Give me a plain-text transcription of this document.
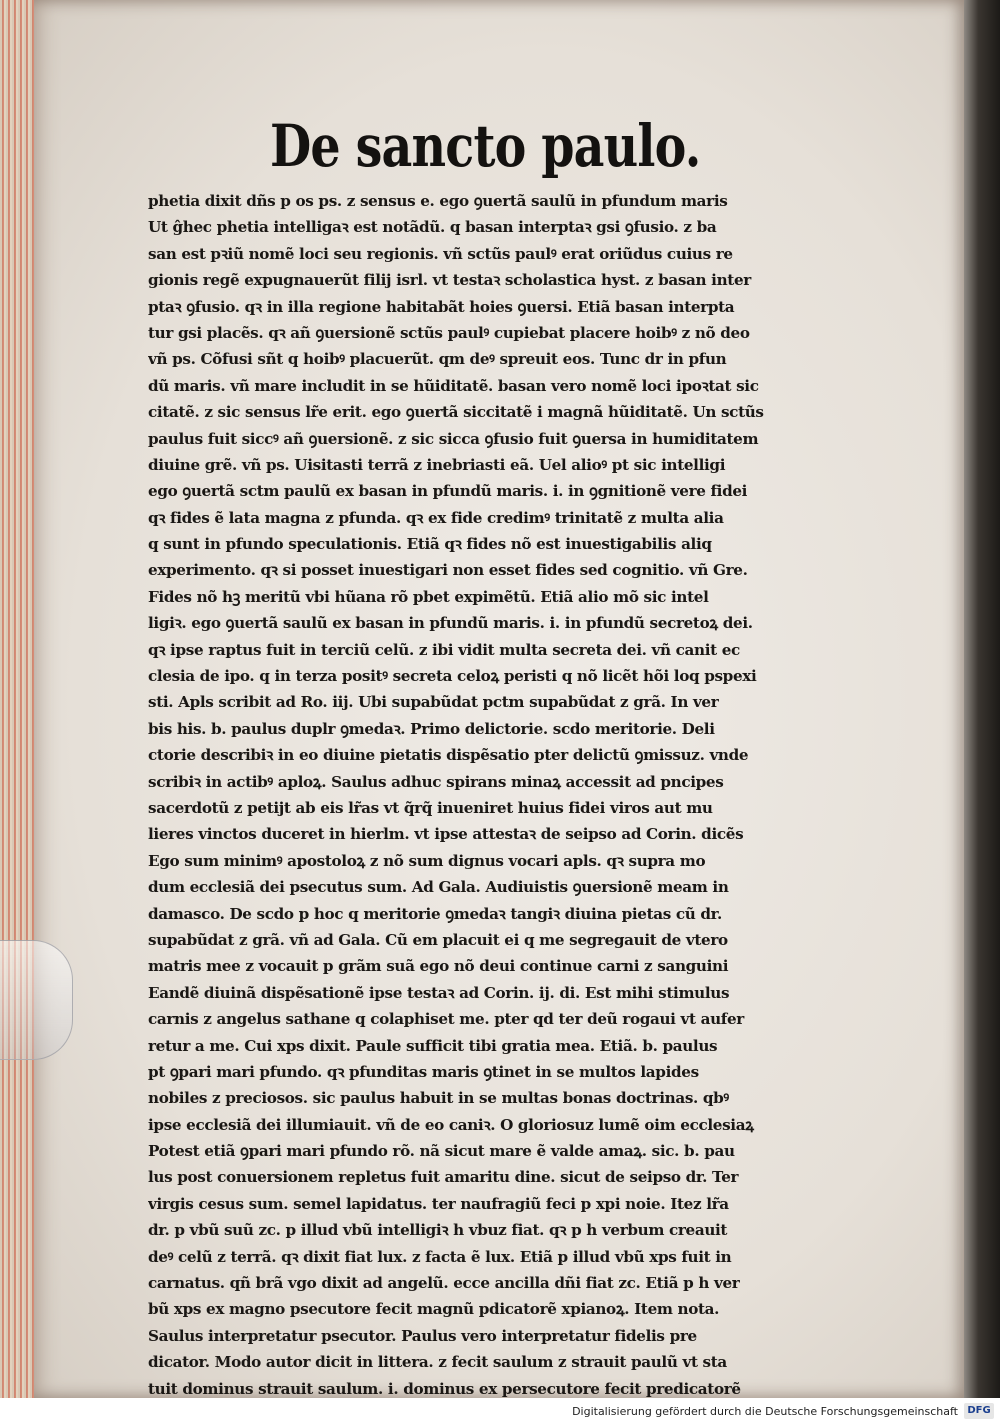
De sancto paulo.
phetia dixit dñs p os ps. z sensus e. ego ꝯuertã saulũ in pfundum maris
Ut ĝhec phetia intelligaꝛ est notãdũ. q basan interptaꝛ gsi ꝯfusio. z ba
san est pꝛiũ nomẽ loci seu regionis. vñ sctũs paulꝰ erat oriũdus cuius re
gionis regẽ expugnauerũt filij isrl. vt testaꝛ scholastica hyst. z basan inter
ptaꝛ ꝯfusio. qꝛ in illa regione habitabãt hoies ꝯuersi. Etiã basan interpta
tur gsi placẽs. qꝛ añ ꝯuersionẽ sctũs paulꝰ cupiebat placere hoibꝰ z nõ deo
vñ ps. Cõfusi sñt q hoibꝰ placuerũt. qm deꝰ spreuit eos. Tunc dr in pfun
dũ maris. vñ mare includit in se hũiditatẽ. basan vero nomẽ loci ipoꝛtat sic
citatẽ. z sic sensus lr̃e erit. ego ꝯuertã siccitatẽ i magnã hũiditatẽ. Un sctũs
paulus fuit siccꝰ añ ꝯuersionẽ. z sic sicca ꝯfusio fuit ꝯuersa in humiditatem
diuine grẽ. vñ ps. Uisitasti terrã z inebriasti eã. Uel alioꝰ pt sic intelligi
ego ꝯuertã sctm paulũ ex basan in pfundũ maris. i. in ꝯgnitionẽ vere fidei
qꝛ fides ẽ lata magna z pfunda. qꝛ ex fide credimꝰ trinitatẽ z multa alia
q sunt in pfundo speculationis. Etiã qꝛ fides nõ est inuestigabilis aliq
experimento. qꝛ si posset inuestigari non esset fides sed cognitio. vñ Gre.
Fides nõ hꝫ meritũ vbi hũana rõ pbet expimẽtũ. Etiã alio mõ sic intel
ligiꝛ. ego ꝯuertã saulũ ex basan in pfundũ maris. i. in pfundũ secretoꝝ dei.
qꝛ ipse raptus fuit in terciũ celũ. z ibi vidit multa secreta dei. vñ canit ec
clesia de ipo. q in terza positꝰ secreta celoꝝ peristi q nõ licẽt hõi loq pspexi
sti. Apls scribit ad Ro. iij. Ubi supabũdat pctm supabũdat z grã. In ver
bis his. b. paulus duplr ꝯmedaꝛ. Primo delictorie. scdo meritorie. Deli
ctorie describiꝛ in eo diuine pietatis dispẽsatio pter delictũ ꝯmissuz. vnde
scribiꝛ in actibꝰ aploꝝ. Saulus adhuc spirans minaꝝ accessit ad pncipes
sacerdotũ z petijt ab eis lr̃as vt q̃rq̃ inueniret huius fidei viros aut mu
lieres vinctos duceret in hierlm. vt ipse attestaꝛ de seipso ad Corin. dicẽs
Ego sum minimꝰ apostoloꝝ z nõ sum dignus vocari apls. qꝛ supra mo
dum ecclesiã dei psecutus sum. Ad Gala. Audiuistis ꝯuersionẽ meam in
damasco. De scdo p hoc q meritorie ꝯmedaꝛ tangiꝛ diuina pietas cũ dr.
supabũdat z grã. vñ ad Gala. Cũ em placuit ei q me segregauit de vtero
matris mee z vocauit p grãm suã ego nõ deui continue carni z sanguini
Eandẽ diuinã dispẽsationẽ ipse testaꝛ ad Corin. ij. di. Est mihi stimulus
carnis z angelus sathane q colaphiset me. pter qd ter deũ rogaui vt aufer
retur a me. Cui xps dixit. Paule sufficit tibi gratia mea. Etiã. b. paulus
pt ꝯpari mari pfundo. qꝛ pfunditas maris ꝯtinet in se multos lapides
nobiles z preciosos. sic paulus habuit in se multas bonas doctrinas. qbꝰ
ipse ecclesiã dei illumiauit. vñ de eo caniꝛ. O gloriosuz lumẽ oim ecclesiaꝝ
Potest etiã ꝯpari mari pfundo rõ. nã sicut mare ẽ valde amaꝝ. sic. b. pau
lus post conuersionem repletus fuit amaritu dine. sicut de seipso dr. Ter
virgis cesus sum. semel lapidatus. ter naufragiũ feci p xpi noie. Itez lr̃a
dr. p vbũ suũ zc. p illud vbũ intelligiꝛ h vbuz fiat. qꝛ p h verbum creauit
deꝰ celũ z terrã. qꝛ dixit fiat lux. z facta ẽ lux. Etiã p illud vbũ xps fuit in
carnatus. qñ brã vgo dixit ad angelũ. ecce ancilla dñi fiat zc. Etiã p h ver
bũ xps ex magno psecutore fecit magnũ pdicatorẽ xpianoꝝ. Item nota.
Saulus interpretatur psecutor. Paulus vero interpretatur fidelis pre
dicator. Modo autor dicit in littera. z fecit saulum z strauit paulũ vt sta
tuit dominus strauit saulum. i. dominus ex persecutore fecit predicatorẽ
Digitalisierung gefördert durch die Deutsche Forschungsgemeinschaft DFG
